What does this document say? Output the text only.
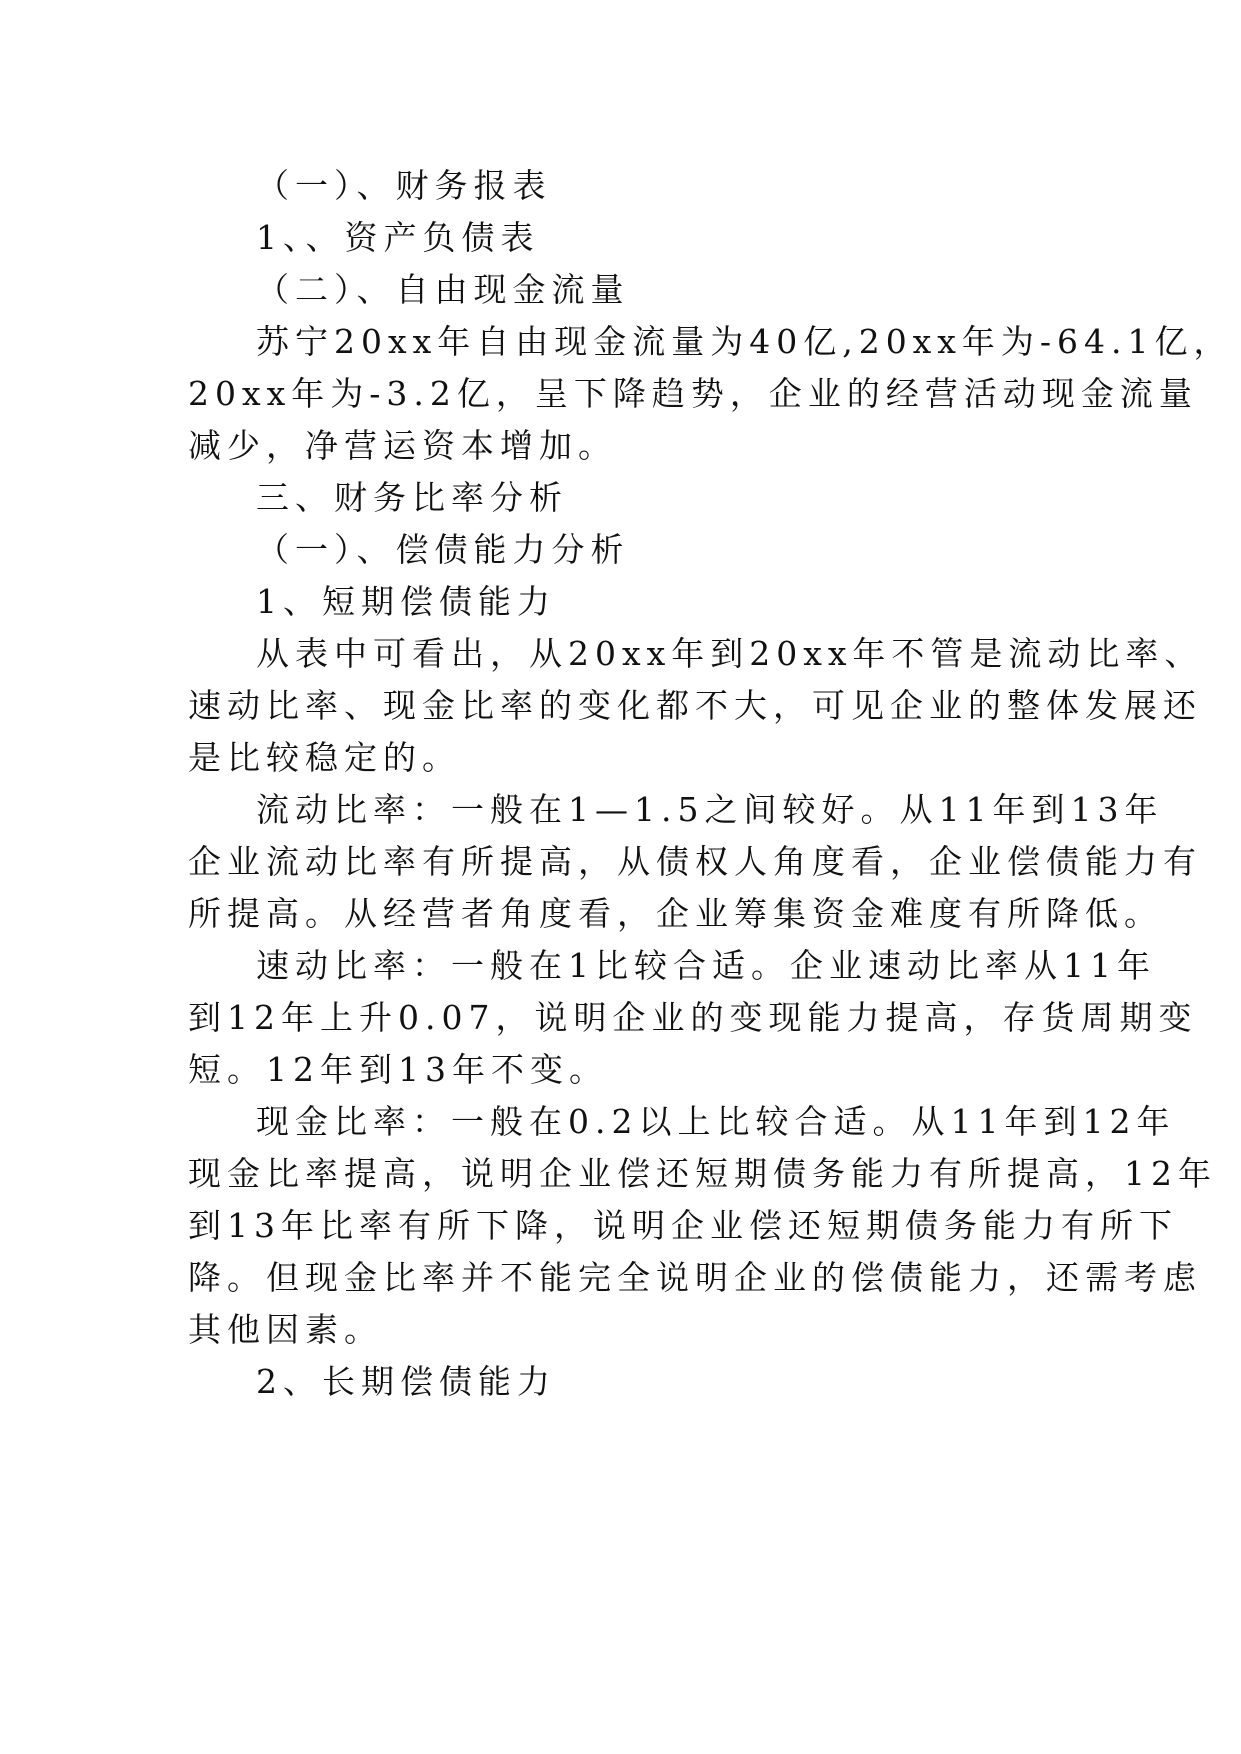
（一）、财务报表

1、、资产负债表

（二）、自由现金流量

苏宁20xx年自由现金流量为40亿,20xx年为-64.1亿，

20xx年为-3.2亿，呈下降趋势，企业的经营活动现金流量

减少，净营运资本增加。

三、财务比率分析

（一）、偿债能力分析

1、短期偿债能力

从表中可看出，从20xx年到20xx年不管是流动比率、

速动比率、现金比率的变化都不大，可见企业的整体发展还

是比较稳定的。

流动比率：一般在1—1.5之间较好。从11年到13年

企业流动比率有所提高，从债权人角度看，企业偿债能力有

所提高。从经营者角度看，企业筹集资金难度有所降低。

速动比率：一般在1比较合适。企业速动比率从11年

到12年上升0.07，说明企业的变现能力提高，存货周期变

短。12年到13年不变。

现金比率：一般在0.2以上比较合适。从11年到12年

现金比率提高，说明企业偿还短期债务能力有所提高，12年

到13年比率有所下降，说明企业偿还短期债务能力有所下

降。但现金比率并不能完全说明企业的偿债能力，还需考虑

其他因素。

2、长期偿债能力
